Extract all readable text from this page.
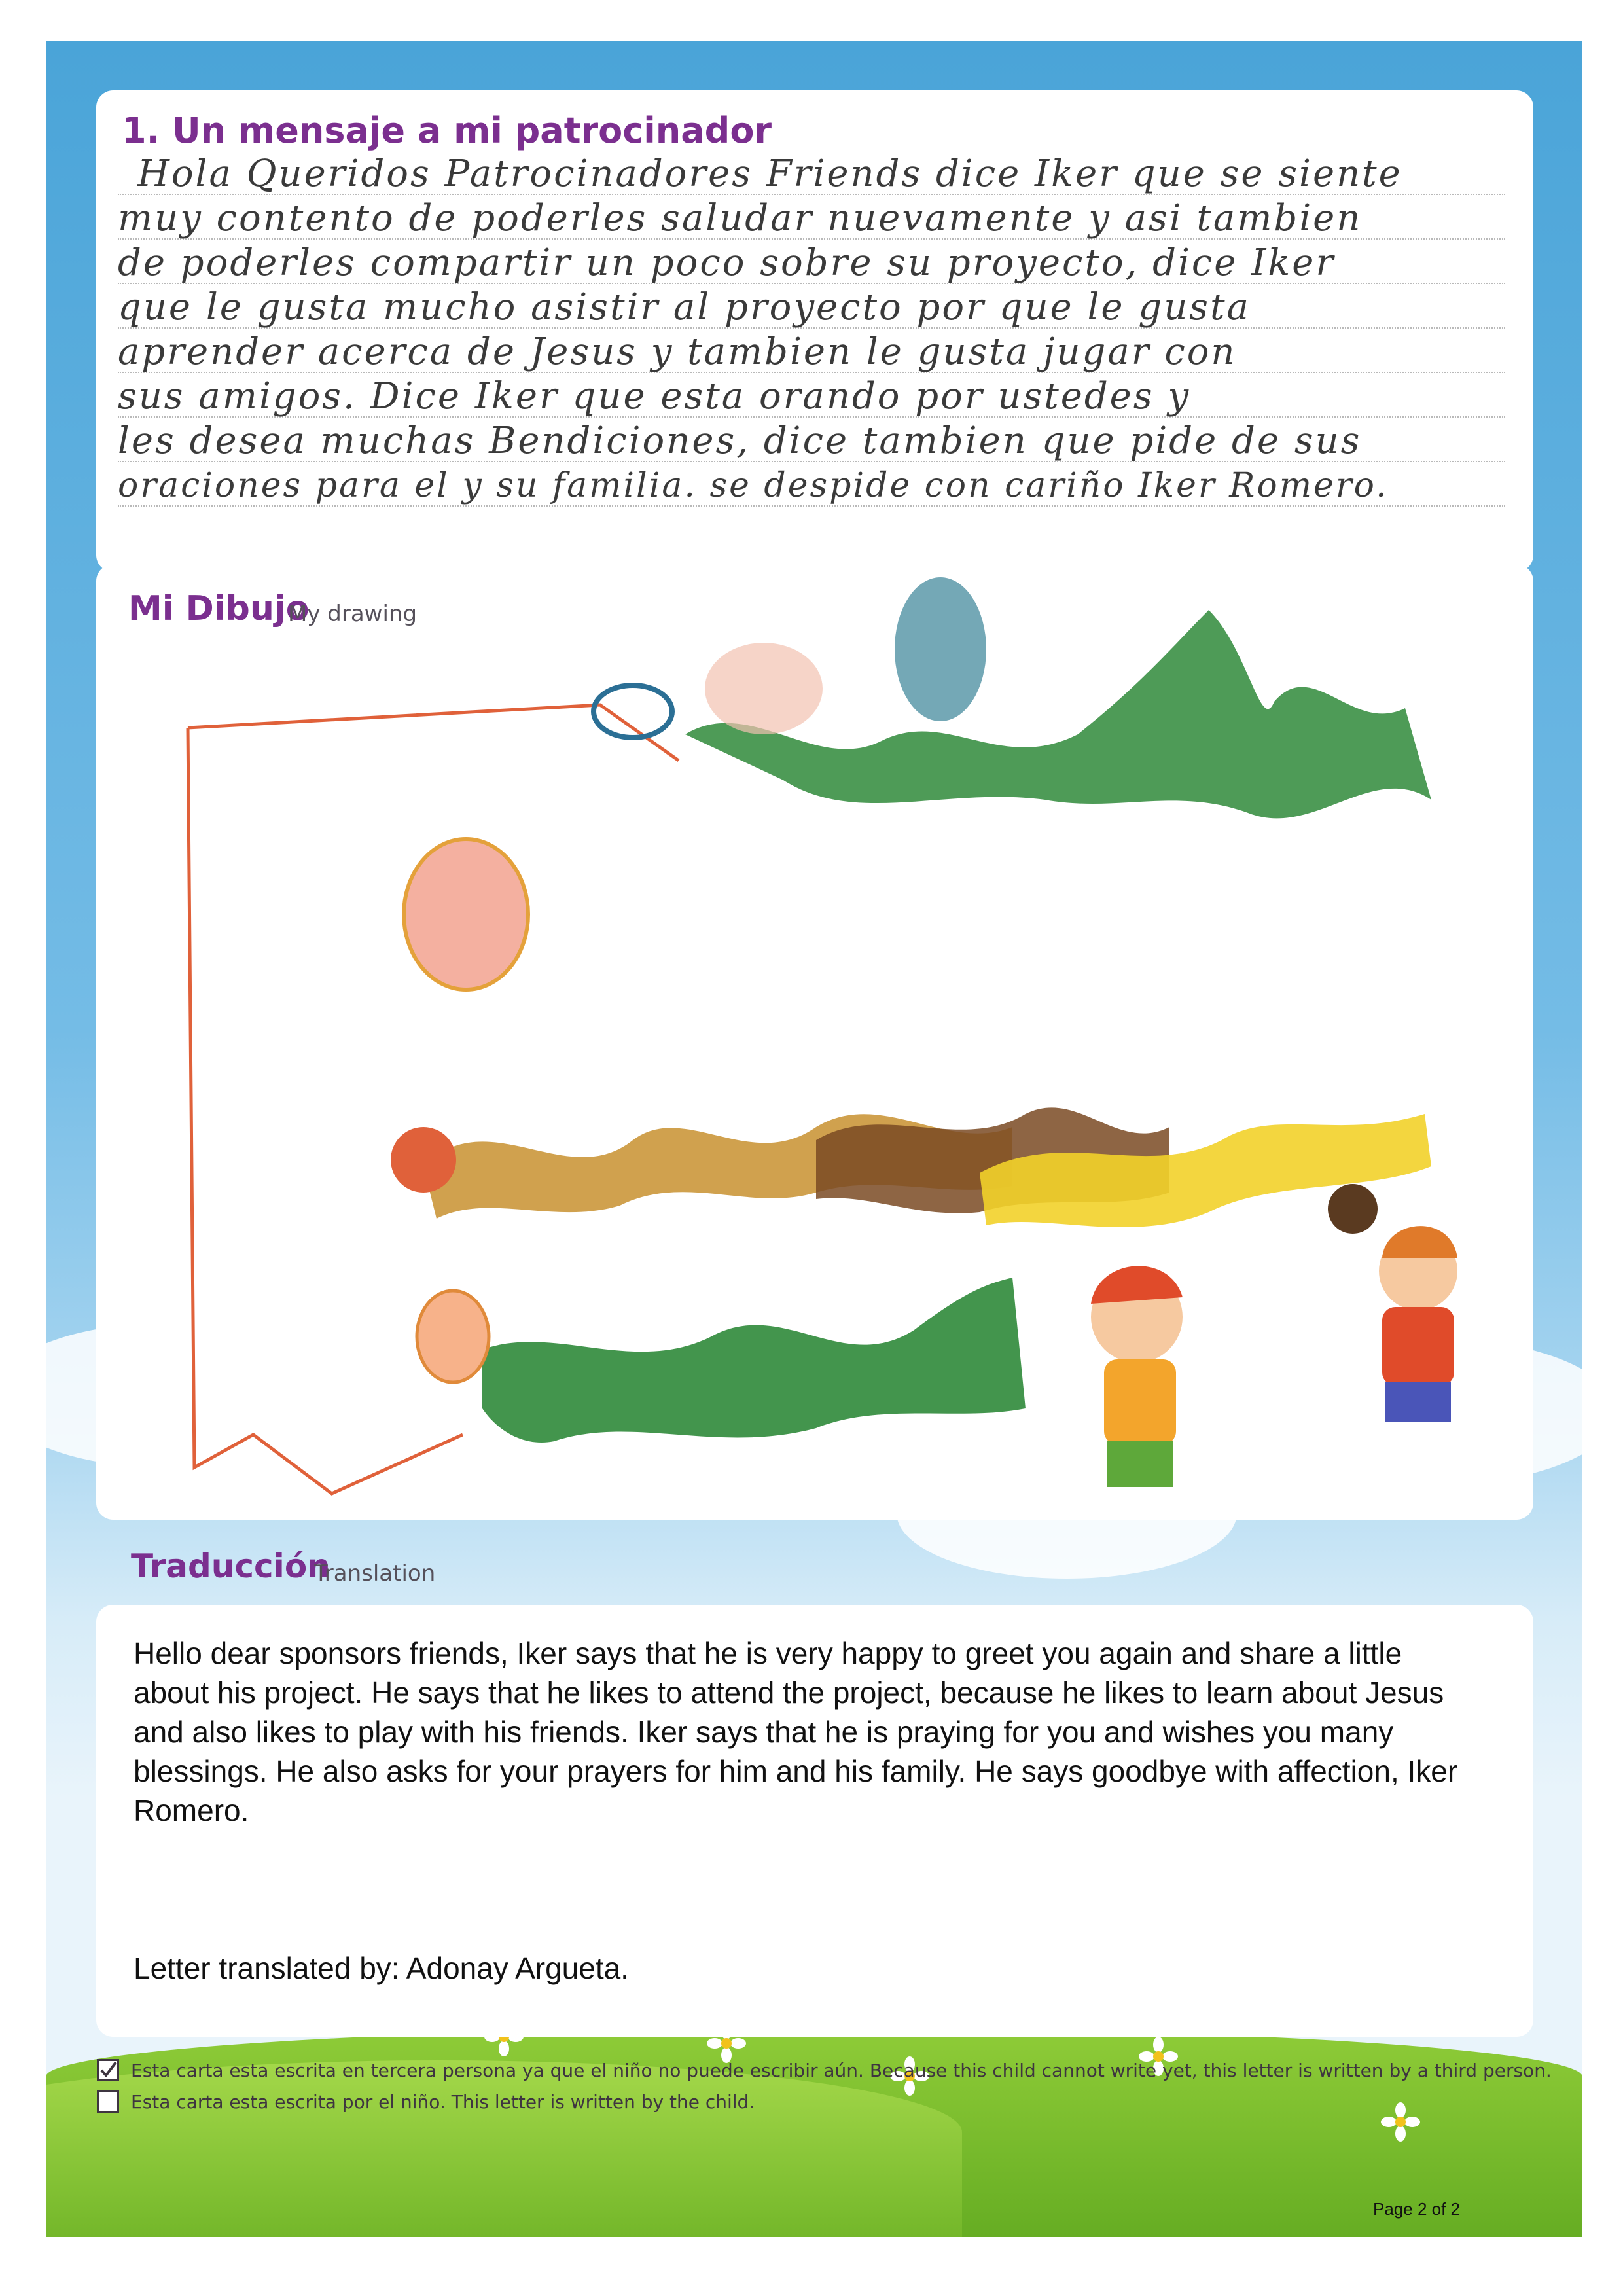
1. Un mensaje a mi patrocinador
Hola Queridos Patrocinadores Friends dice Iker que se siente
muy contento de poderles saludar nuevamente y asi tambien
de poderles compartir un poco sobre su proyecto, dice Iker
que le gusta mucho asistir al proyecto por que le gusta
aprender acerca de Jesus y tambien le gusta jugar con
sus amigos. Dice Iker que esta orando por ustedes y
les desea muchas Bendiciones, dice tambien que pide de sus
oraciones para el y su familia. se despide con cariño Iker Romero.
Mi Dibujo
My drawing
Traducción
Translation
Hello dear sponsors friends, Iker says that he is very happy to greet you again and share a little about his project. He says that he likes to attend the project, because he likes to learn about Jesus and also likes to play with his friends. Iker says that he is praying for you and wishes you many blessings. He also asks for your prayers for him and his family. He says goodbye with affection, Iker Romero.
Letter translated by: Adonay Argueta.
Esta carta esta escrita en tercera persona ya que el niño no puede escribir aún. Because this child cannot write yet, this letter is written by a third person.
Esta carta esta escrita por el niño. This letter is written by the child.
Page 2 of 2
